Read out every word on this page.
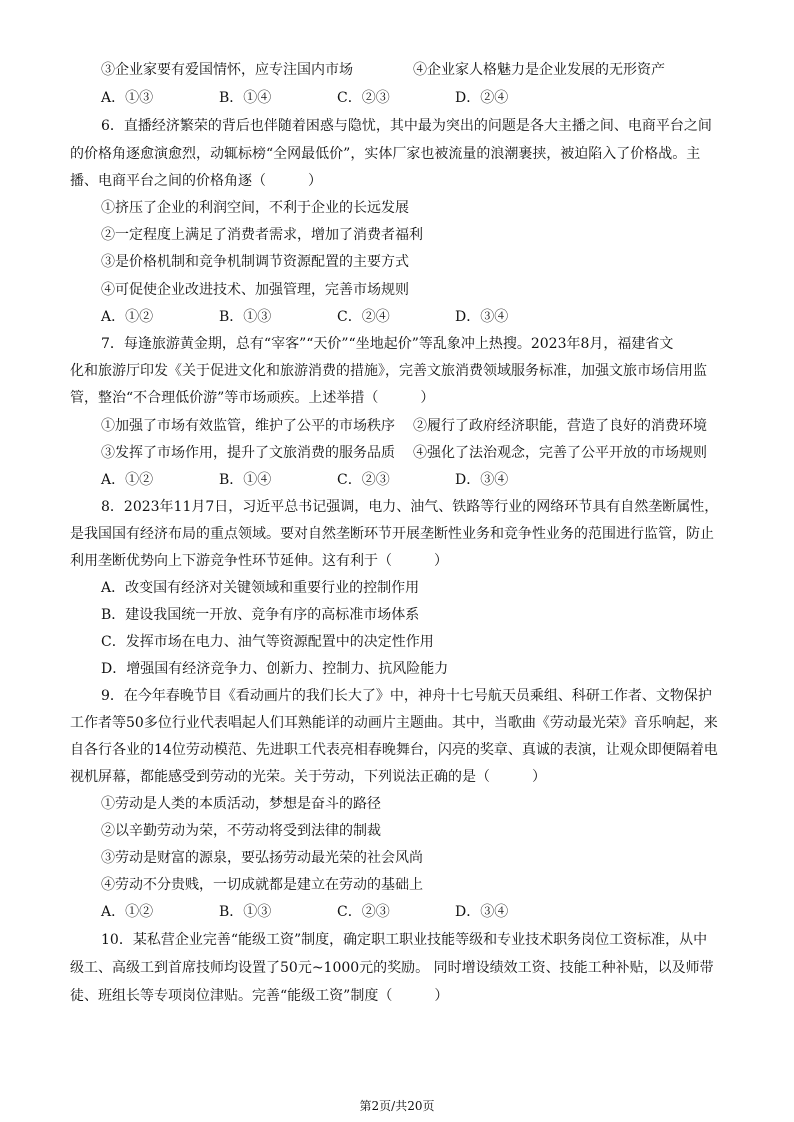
③企业家要有爱国情怀，应专注国内市场	④企业家人格魅力是企业发展的无形资产
A．①③	B．①④	C．②③	D．②④
6．直播经济繁荣的背后也伴随着困惑与隐忧，其中最为突出的问题是各大主播之间、电商平台之间
的价格角逐愈演愈烈，动辄标榜“全网最低价”，实体厂家也被流量的浪潮裹挟，被迫陷入了价格战。主
播、电商平台之间的价格角逐（　　　）
①挤压了企业的利润空间，不利于企业的长远发展
②一定程度上满足了消费者需求，增加了消费者福利
③是价格机制和竞争机制调节资源配置的主要方式
④可促使企业改进技术、加强管理，完善市场规则
A．①②	B．①③	C．②④	D．③④
7．每逢旅游黄金期，总有“宰客”“天价”“坐地起价”等乱象冲上热搜。2023年8月，福建省文
化和旅游厅印发《关于促进文化和旅游消费的措施》，完善文旅消费领域服务标准，加强文旅市场信用监
管，整治“不合理低价游”等市场顽疾。上述举措（　　　）
①加强了市场有效监管，维护了公平的市场秩序 ②履行了政府经济职能，营造了良好的消费环境
③发挥了市场作用，提升了文旅消费的服务品质 ④强化了法治观念，完善了公平开放的市场规则
A．①②	B．①④	C．②③	D．③④
8．2023年11月7日，习近平总书记强调，电力、油气、铁路等行业的网络环节具有自然垄断属性，
是我国国有经济布局的重点领域。要对自然垄断环节开展垄断性业务和竞争性业务的范围进行监管，防止
利用垄断优势向上下游竞争性环节延伸。这有利于（　　　）
A．改变国有经济对关键领域和重要行业的控制作用
B．建设我国统一开放、竞争有序的高标准市场体系
C．发挥市场在电力、油气等资源配置中的决定性作用
D．增强国有经济竞争力、创新力、控制力、抗风险能力
9．在今年春晚节目《看动画片的我们长大了》中，神舟十七号航天员乘组、科研工作者、文物保护
工作者等50多位行业代表唱起人们耳熟能详的动画片主题曲。其中，当歌曲《劳动最光荣》音乐响起，来
自各行各业的14位劳动模范、先进职工代表亮相春晚舞台，闪亮的奖章、真诚的表演，让观众即便隔着电
视机屏幕，都能感受到劳动的光荣。关于劳动，下列说法正确的是（　　　）
①劳动是人类的本质活动，梦想是奋斗的路径
②以辛勤劳动为荣，不劳动将受到法律的制裁
③劳动是财富的源泉，要弘扬劳动最光荣的社会风尚
④劳动不分贵贱，一切成就都是建立在劳动的基础上
A．①②	B．①③	C．②③	D．③④
10．某私营企业完善“能级工资”制度，确定职工职业技能等级和专业技术职务岗位工资标准，从中
级工、高级工到首席技师均设置了50元~1000元的奖励。 同时增设绩效工资、技能工种补贴，以及师带
徒、班组长等专项岗位津贴。完善“能级工资”制度（　　　）
第2页/共20页
